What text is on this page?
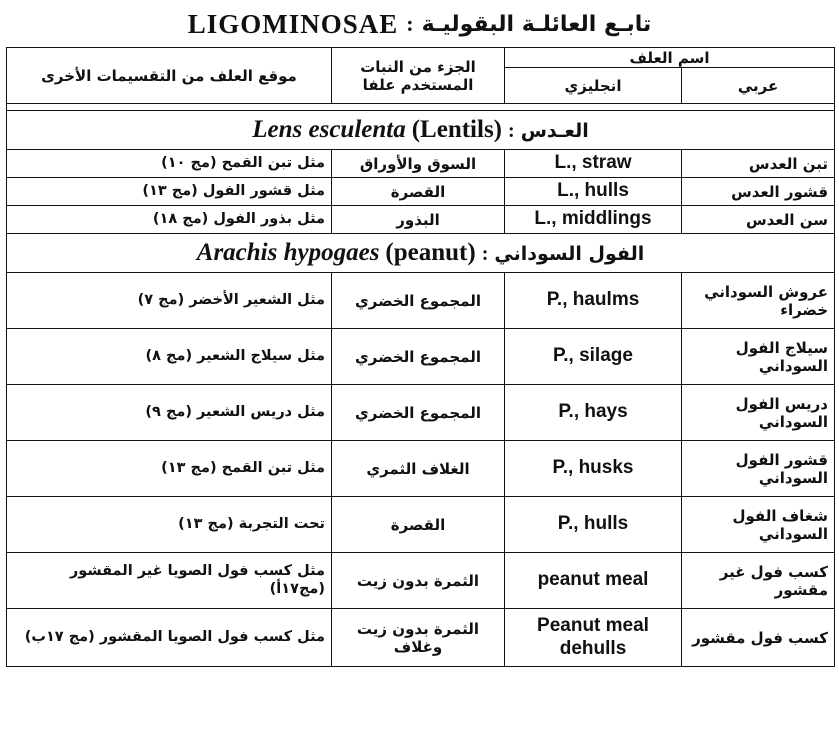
LIGOMINOSAE : تابـع العائلـة البقوليـة
اسم العلف		الجزء من النبات المستخدم علفا	موقع العلف من التقسيمات الأخرى
عربي	انجليزي		

Lens esculenta (Lentils) : العـدس			

تبن العدس	L., straw	السوق والأوراق	مثل تبن القمح (مج ١٠)
قشور العدس	L., hulls	القصرة	مثل قشور الفول (مج ١٣)
سن العدس	L., middlings	البذور	مثل بذور الفول (مج ١٨)

Arachis hypogaes (peanut) : الفول السوداني			

عروش السوداني خضراء	P., haulms	المجموع الخضري	مثل الشعير الأخضر (مج ٧)
سيلاج الفول السوداني	P., silage	المجموع الخضري	مثل سيلاج الشعير (مج ٨)
دريس الفول السوداني	P., hays	المجموع الخضري	مثل دريس الشعير (مج ٩)
قشور الفول السوداني	P., husks	الغلاف الثمري	مثل تبن القمح (مج ١٣)
شغاف الفول السوداني	P., hulls	القصرة	تحت التجربة (مج ١٣)
كسب فول غير مقشور	peanut meal	الثمرة بدون زيت	مثل كسب فول الصويا غير المقشور (مج١٧أ)
كسب فول مقشور	Peanut meal dehulls	الثمرة بدون زيت وغلاف	مثل كسب فول الصويا المقشور (مج ١٧ب)
